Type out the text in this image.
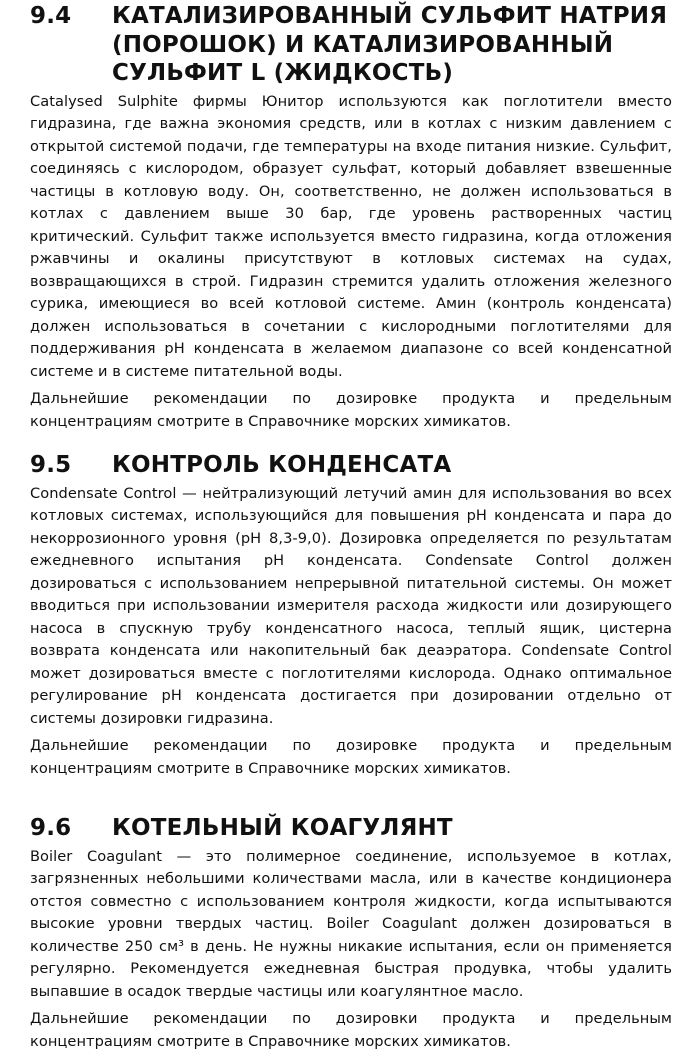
9.4	КАТАЛИЗИРОВАННЫЙ СУЛЬФИТ НАТРИЯ (ПОРОШОК) И КАТАЛИЗИРОВАННЫЙ СУЛЬФИТ L (ЖИДКОСТЬ)

Catalysed Sulphite фирмы Юнитор используются как поглотители вместо гидразина, где важна экономия средств, или в котлах с низким давлением с открытой системой подачи, где температуры на входе питания низкие. Сульфит, соединяясь с кислородом, образует сульфат, который добавляет взвешенные частицы в котловую воду. Он, соответственно, не должен использоваться в котлах с давлением выше 30 бар, где уровень растворенных частиц критический. Сульфит также используется вместо гидразина, когда отложения ржавчины и окалины присутствуют в котловых системах на судах, возвращающихся в строй. Гидразин стремится удалить отложения железного сурика, имеющиеся во всей котловой системе. Амин (контроль конденсата) должен использоваться в сочетании с кислородными поглотителями для поддерживания pH конденсата в желаемом диапазоне со всей конденсатной системе и в системе питательной воды.

Дальнейшие рекомендации по дозировке продукта и предельным концентрациям смотрите в Справочнике морских химикатов.

9.5	КОНТРОЛЬ КОНДЕНСАТА

Condensate Control — нейтрализующий летучий амин для использования во всех котловых системах, использующийся для повышения pH конденсата и пара до некоррозионного уровня (pH 8,3-9,0). Дозировка определяется по результатам ежедневного испытания pH конденсата. Condensate Control должен дозироваться с использованием непрерывной питательной системы. Он может вводиться при использовании измерителя расхода жидкости или дозирующего насоса в спускную трубу конденсатного насоса, теплый ящик, цистерна возврата конденсата или накопительный бак деаэратора. Condensate Control может дозироваться вместе с поглотителями кислорода. Однако оптимальное регулирование pH конденсата достигается при дозировании отдельно от системы дозировки гидразина.

Дальнейшие рекомендации по дозировке продукта и предельным концентрациям смотрите в Справочнике морских химикатов.

9.6	КОТЕЛЬНЫЙ КОАГУЛЯНТ

Boiler Coagulant — это полимерное соединение, используемое в котлах, загрязненных небольшими количествами масла, или в качестве кондиционера отстоя совместно с использованием контроля жидкости, когда испытываются высокие уровни твердых частиц. Boiler Coagulant должен дозироваться в количестве 250 см³ в день. Не нужны никакие испытания, если он применяется регулярно. Рекомендуется ежедневная быстрая продувка, чтобы удалить выпавшие в осадок твердые частицы или коагулянтное масло.

Дальнейшие рекомендации по дозировки продукта и предельным концентрациям смотрите в Справочнике морских химикатов.
